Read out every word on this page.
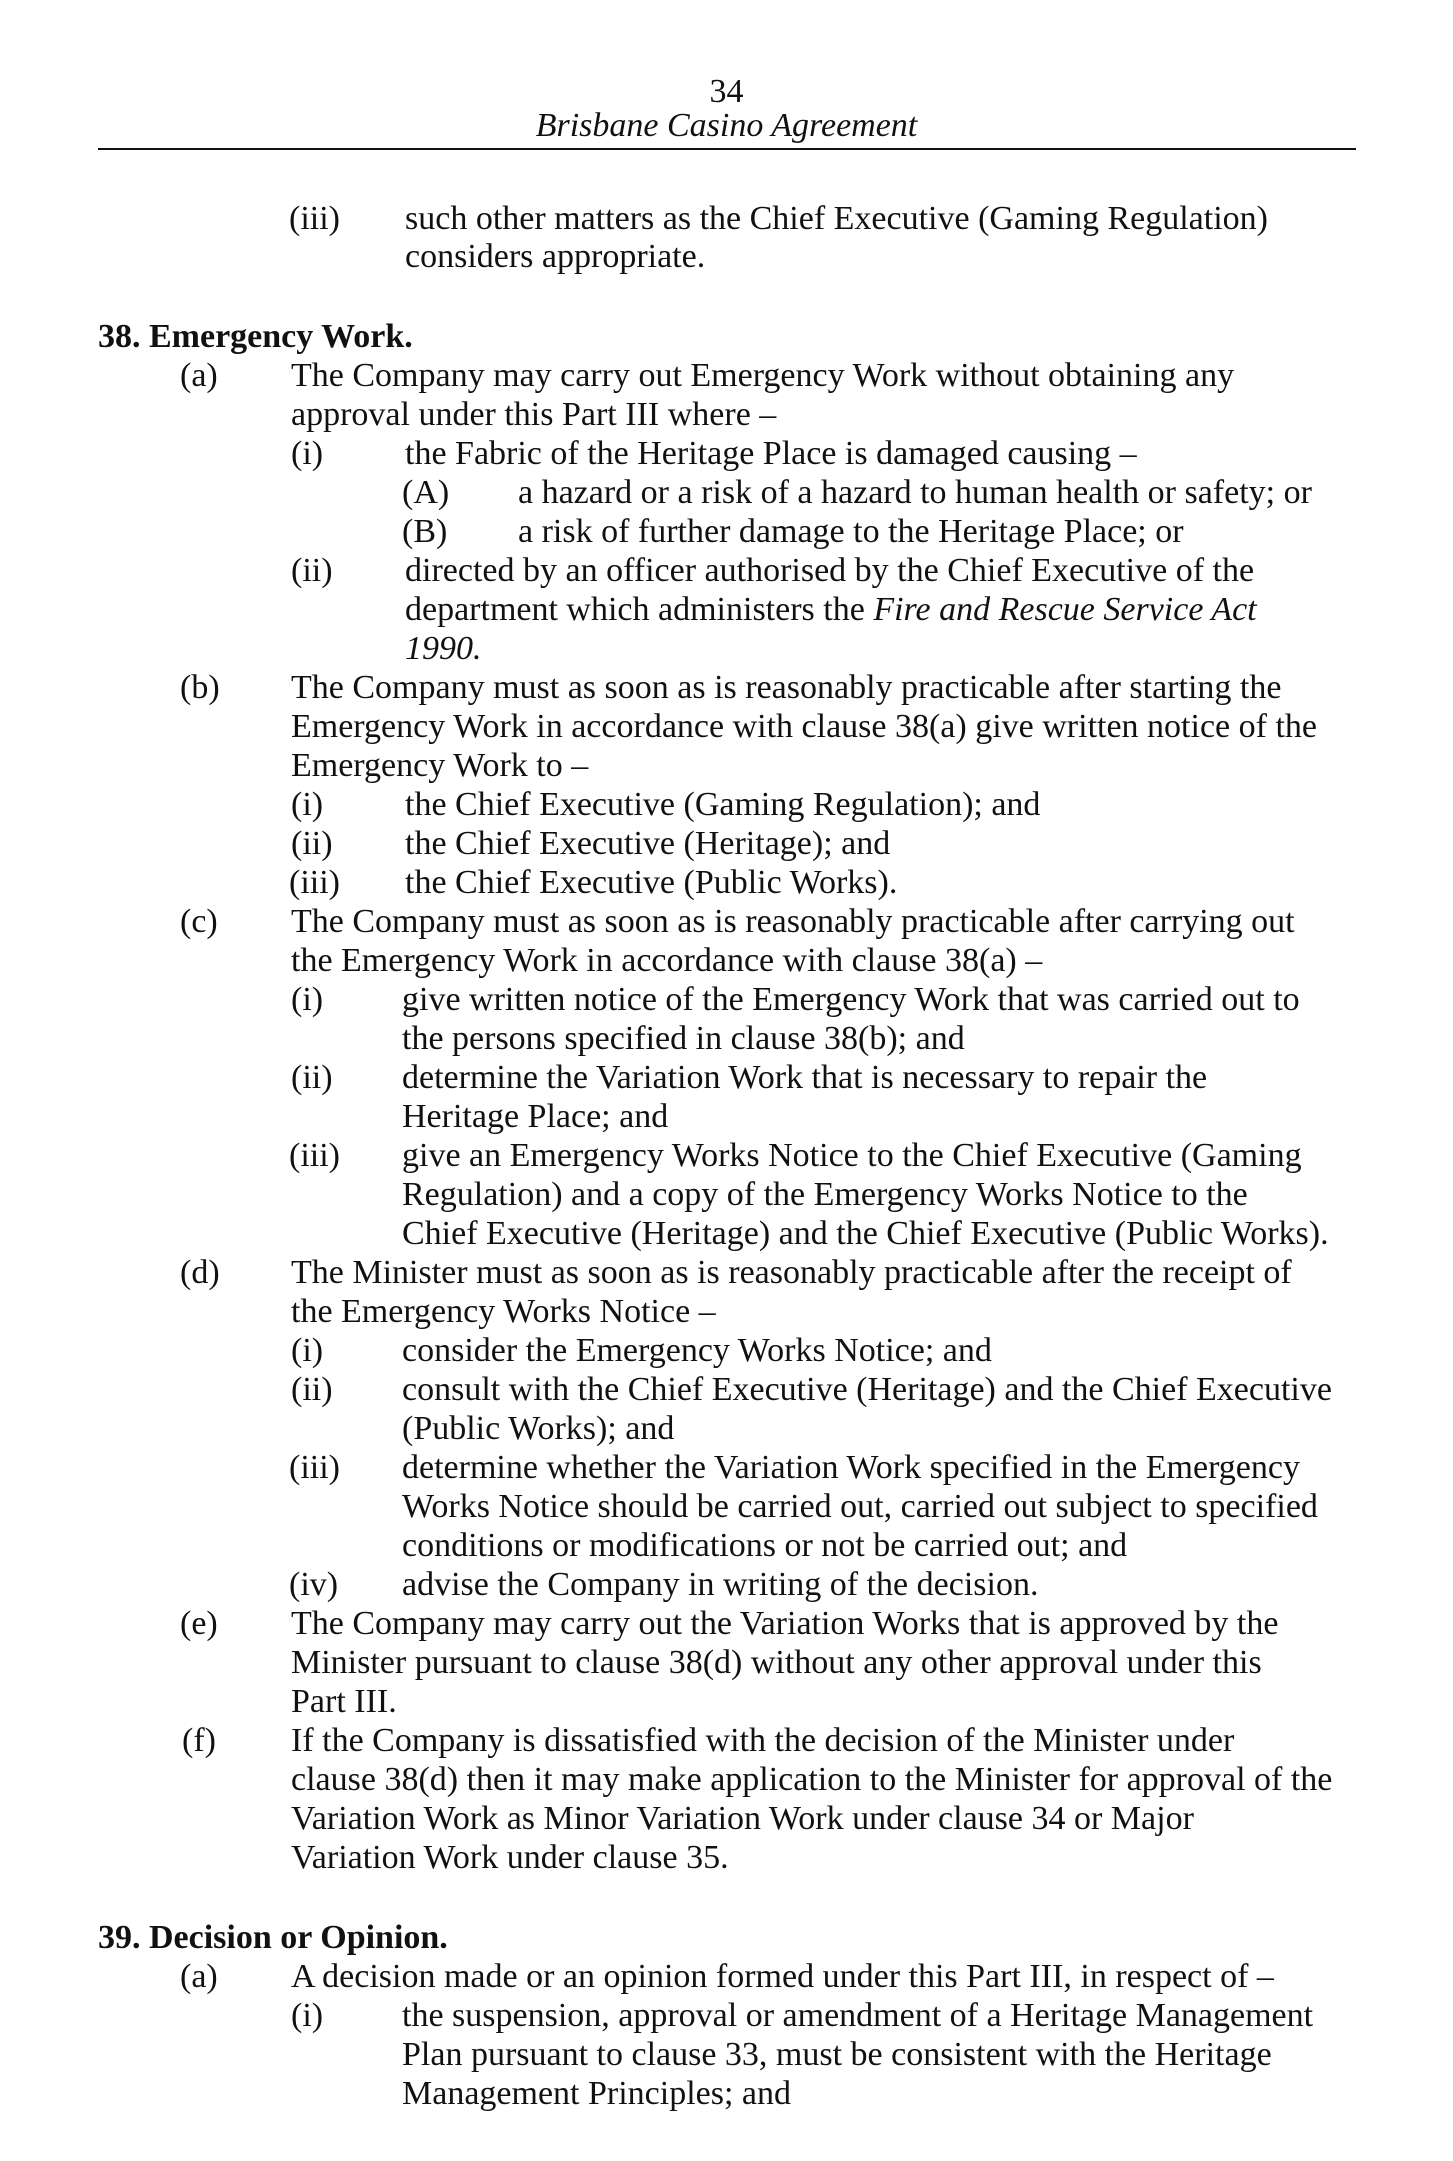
34
Brisbane Casino Agreement
(iii) such other matters as the Chief Executive (Gaming Regulation)
considers appropriate.
38. Emergency Work.
(a) The Company may carry out Emergency Work without obtaining any
approval under this Part III where –
(i) the Fabric of the Heritage Place is damaged causing –
(A) a hazard or a risk of a hazard to human health or safety; or
(B) a risk of further damage to the Heritage Place; or
(ii) directed by an officer authorised by the Chief Executive of the
department which administers the Fire and Rescue Service Act
1990.
(b) The Company must as soon as is reasonably practicable after starting the
Emergency Work in accordance with clause 38(a) give written notice of the
Emergency Work to –
(i) the Chief Executive (Gaming Regulation); and
(ii) the Chief Executive (Heritage); and
(iii) the Chief Executive (Public Works).
(c) The Company must as soon as is reasonably practicable after carrying out
the Emergency Work in accordance with clause 38(a) –
(i) give written notice of the Emergency Work that was carried out to
the persons specified in clause 38(b); and
(ii) determine the Variation Work that is necessary to repair the
Heritage Place; and
(iii) give an Emergency Works Notice to the Chief Executive (Gaming
Regulation) and a copy of the Emergency Works Notice to the
Chief Executive (Heritage) and the Chief Executive (Public Works).
(d) The Minister must as soon as is reasonably practicable after the receipt of
the Emergency Works Notice –
(i) consider the Emergency Works Notice; and
(ii) consult with the Chief Executive (Heritage) and the Chief Executive
(Public Works); and
(iii) determine whether the Variation Work specified in the Emergency
Works Notice should be carried out, carried out subject to specified
conditions or modifications or not be carried out; and
(iv) advise the Company in writing of the decision.
(e) The Company may carry out the Variation Works that is approved by the
Minister pursuant to clause 38(d) without any other approval under this
Part III.
(f) If the Company is dissatisfied with the decision of the Minister under
clause 38(d) then it may make application to the Minister for approval of the
Variation Work as Minor Variation Work under clause 34 or Major
Variation Work under clause 35.
39. Decision or Opinion.
(a) A decision made or an opinion formed under this Part III, in respect of –
(i) the suspension, approval or amendment of a Heritage Management
Plan pursuant to clause 33, must be consistent with the Heritage
Management Principles; and
